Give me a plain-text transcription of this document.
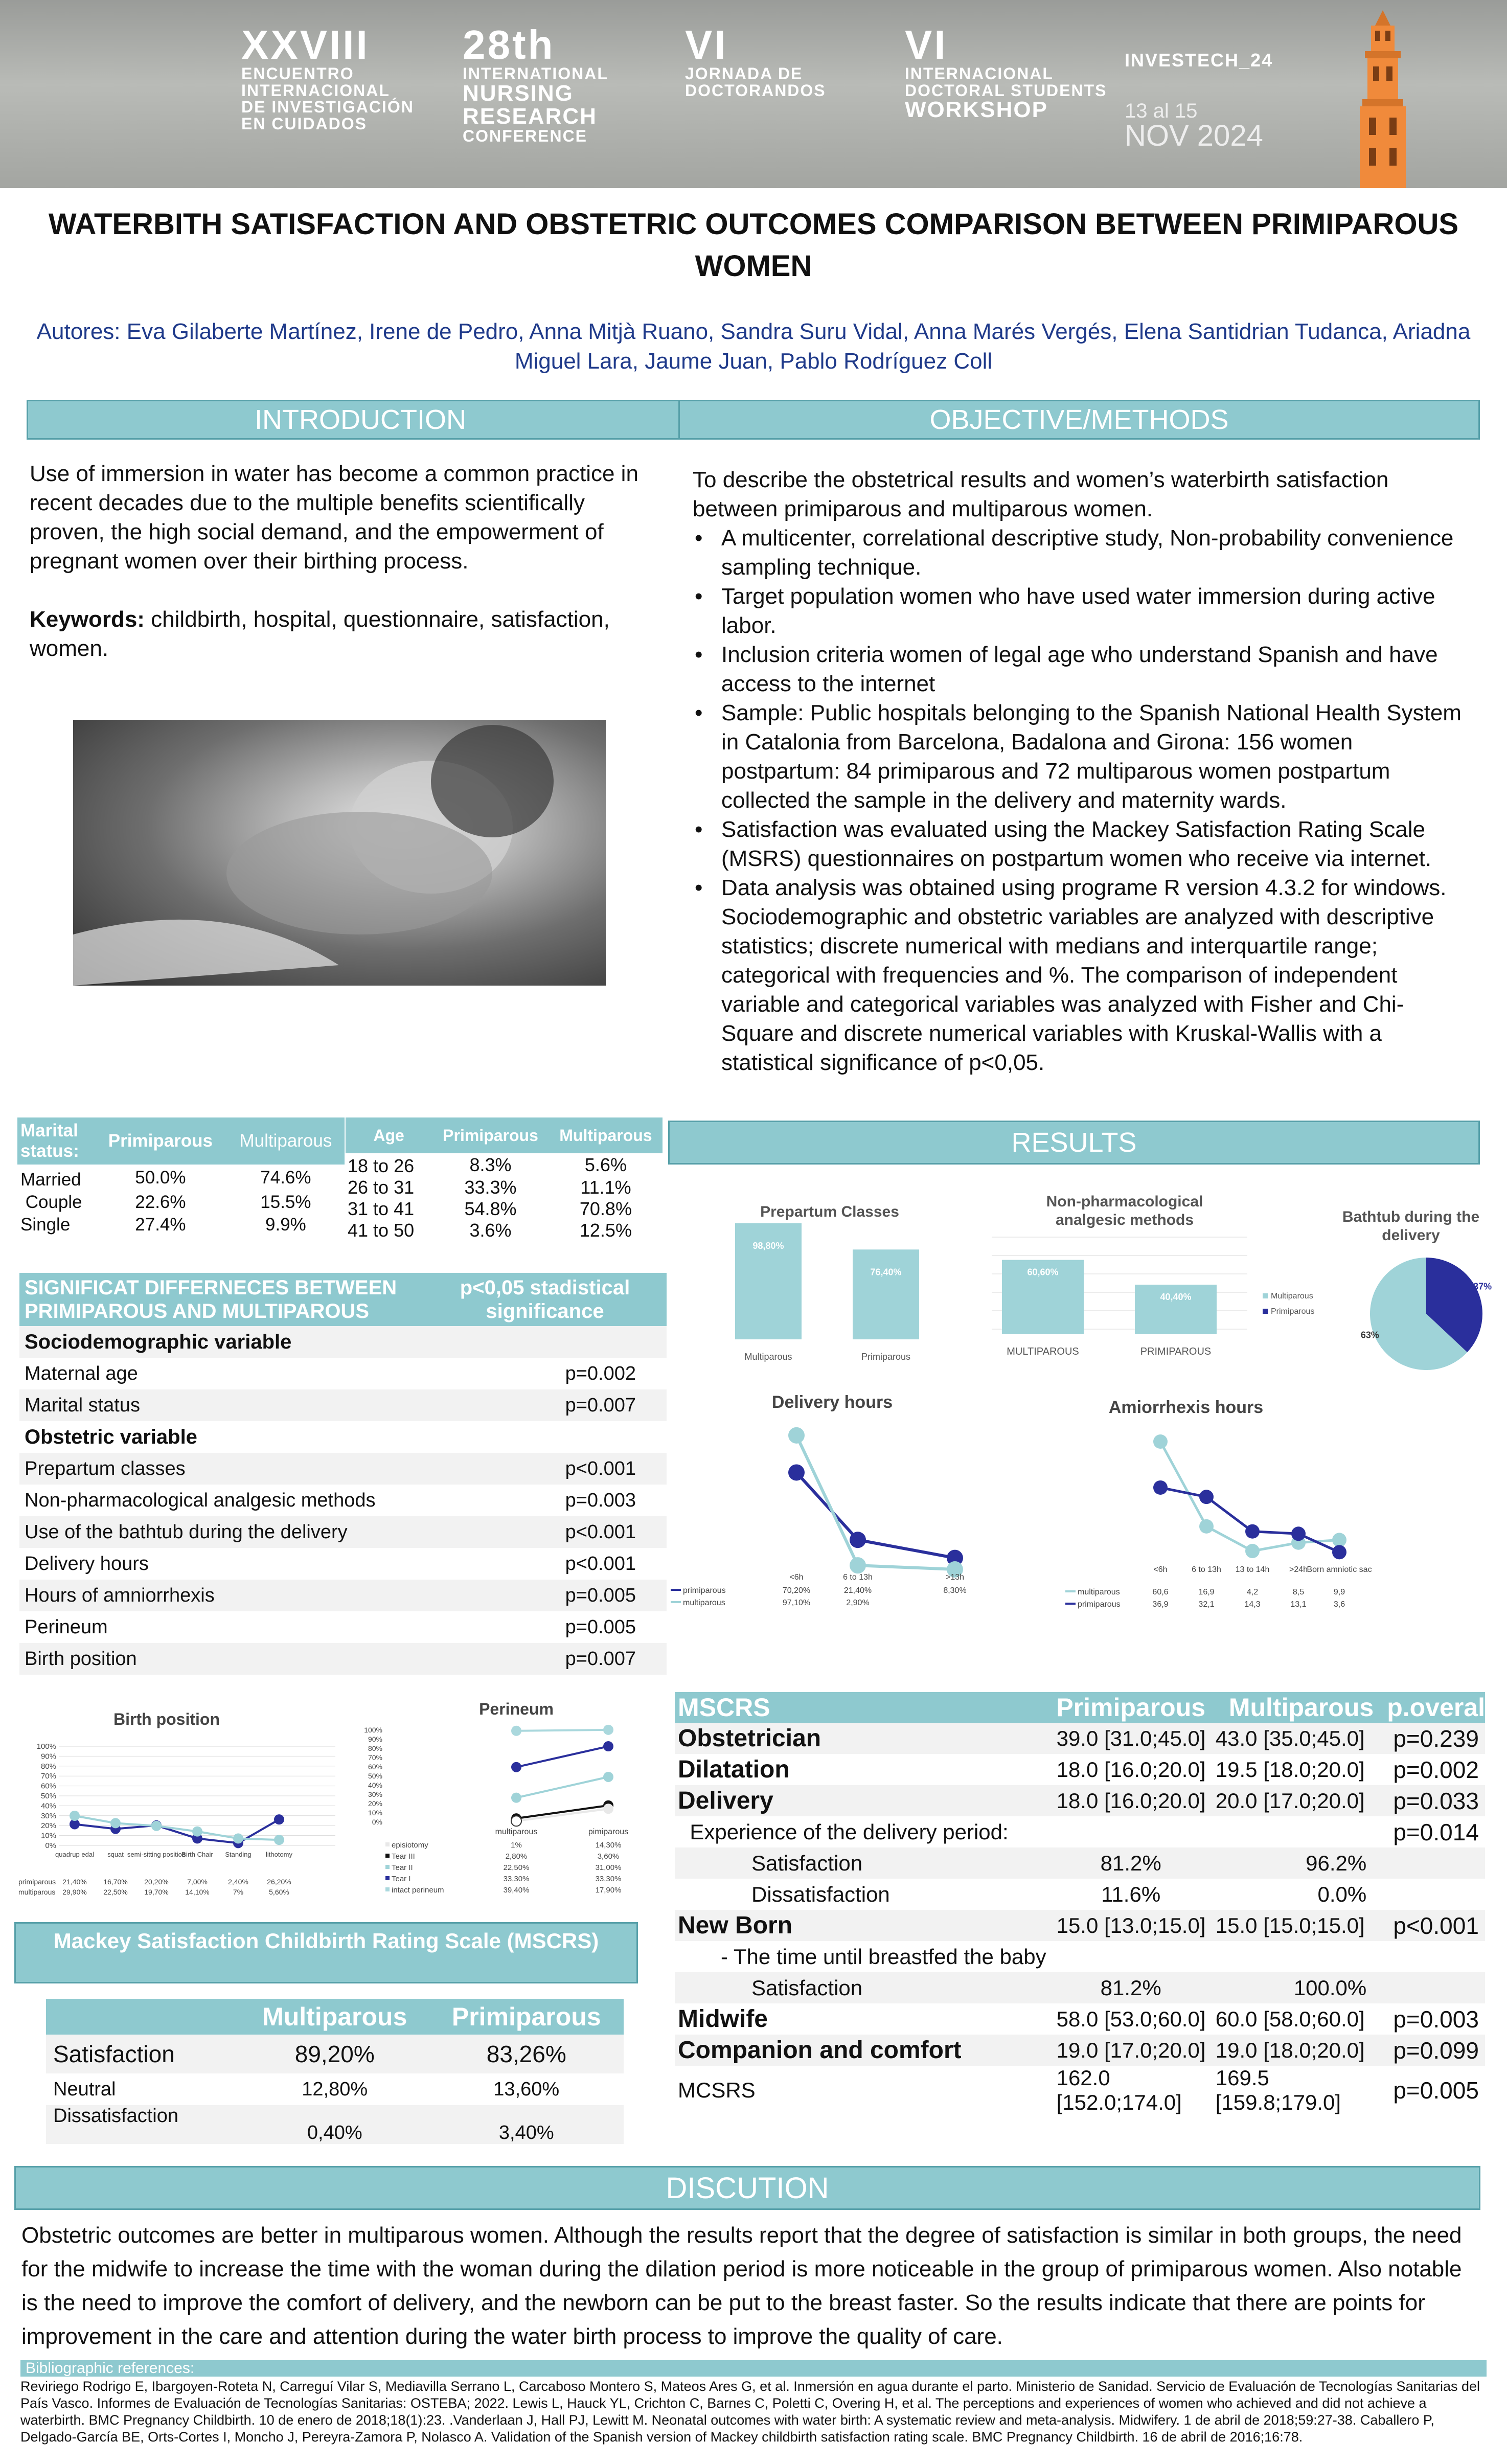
XXVIII
ENCUENTRO
INTERNACIONAL
DE INVESTIGACIÓN
EN CUIDADOS
28th
INTERNATIONAL
NURSING
RESEARCH
CONFERENCE
VI
JORNADA DE
DOCTORANDOS
VI
INTERNACIONAL
DOCTORAL STUDENTS
WORKSHOP
INVESTECH_24
13 al 15
NOV 2024
WATERBITH SATISFACTION AND OBSTETRIC OUTCOMES COMPARISON BETWEEN PRIMIPAROUS WOMEN
Autores: Eva Gilaberte Martínez, Irene de Pedro, Anna Mitjà Ruano, Sandra Suru Vidal, Anna Marés Vergés, Elena Santidrian Tudanca, Ariadna Miguel Lara, Jaume Juan, Pablo Rodríguez Coll
INTRODUCTION
Use of immersion in water has become a common practice in recent decades due to the multiple benefits scientifically proven, the high social demand, and the empowerment of pregnant women over their birthing process.
Keywords: childbirth, hospital, questionnaire, satisfaction, women.
OBJECTIVE/METHODS
To describe the obstetrical results and women’s waterbirth satisfaction between primiparous and multiparous women.
• A multicenter, correlational descriptive study, Non-probability convenience sampling technique.
• Target population women who have used water immersion during active labor.
• Inclusion criteria women of legal age who understand Spanish and have access to the internet
• Sample: Public hospitals belonging to the Spanish National Health System in Catalonia from Barcelona, Badalona and Girona: 156 women postpartum: 84 primiparous and 72 multiparous women postpartum collected the sample in the delivery and maternity wards.
• Satisfaction was evaluated using the Mackey Satisfaction Rating Scale (MSRS) questionnaires on postpartum women who receive via internet.
• Data analysis was obtained using programe R version 4.3.2 for windows. Sociodemographic and obstetric variables are analyzed with descriptive statistics; discrete numerical with medians and interquartile range; categorical with frequencies and %. The comparison of independent variable and categorical variables was analyzed with Fisher and Chi-Square and discrete numerical variables with Kruskal-Wallis with a statistical significance of p<0,05.
Marital status:	Primiparous	Multiparous
Married	50.0%	74.6%
Couple	22.6%	15.5%
Single	27.4%	9.9%
Age	Primiparous	Multiparous
18 to 26	8.3%	5.6%
26 to 31	33.3%	11.1%
31 to 41	54.8%	70.8%
41 to 50	3.6%	12.5%
SIGNIFICAT DIFFERNECES BETWEEN PRIMIPAROUS AND MULTIPAROUS	p<0,05 stadistical significance
Sociodemographic variable	
Maternal age	p=0.002
Marital status	p=0.007
Obstetric variable	
Prepartum classes	p<0.001
Non-pharmacological analgesic methods	p=0.003
Use of the bathtub during the delivery	p<0.001
Delivery hours	p<0.001
Hours of amniorrhexis	p=0.005
Perineum	p=0.005
Birth position	p=0.007
RESULTS
Prepartum Classes
98,80%
Multiparous
76,40%
Primiparous
Non-pharmacological
analgesic methods
60,60%
MULTIPAROUS
40,40%
PRIMIPAROUS
Bathtub during the
delivery
37%
63%
Multiparous
Primiparous
Delivery hours
<6h	6 to 13h	>13h
primiparous	70,20%	21,40%	8,30%
multiparous	97,10%	2,90%
Amiorrhexis hours
<6h	6 to 13h 13 to 14h >24h
Born amniotic sac
multiparous	60,6	16,9	4,2	8,5	9,9
primiparous	36,9	32,1	14,3	13,1	3,6
Birth position
100%
90%
80%
70%
60%
50%
40%
30%
20%
10%
0%
quadrup edal squat semi-sitting position
Birth Chair Standing lithotomy
primiparous 21,40% 16,70% 20,20%	7,00%	2,40%	26,20%
multiparous 29,90% 22,50% 19,70% 14,10%	7%	5,60%
Perineum
100%
90%
80%
70%
60%
50%
40%
30%
20%
10%
0%
multiparous	pimiparous
episiotomy	1%	14,30%
Tear III	2,80%	3,60%
Tear II	22,50%	31,00%
Tear I	33,30%	33,30%
intact perineum	39,40%	17,90%
Mackey Satisfaction Childbirth Rating Scale (MSCRS)
	Multiparous	Primiparous
Satisfaction	89,20%	83,26%
Neutral	12,80%	13,60%
Dissatisfaction	0,40%	3,40%
MSCRS	Primiparous	Multiparous	p.overal
Obstetrician	39.0 [31.0;45.0]	43.0 [35.0;45.0]	p=0.239
Dilatation	18.0 [16.0;20.0]	19.5 [18.0;20.0]	p=0.002
Delivery	18.0 [16.0;20.0]	20.0 [17.0;20.0]	p=0.033
Experience of the delivery period:			p=0.014
Satisfaction	81.2%	96.2%	
Dissatisfaction	11.6%	0.0%	
New Born	15.0 [13.0;15.0]	15.0 [15.0;15.0]	p<0.001
- The time until breastfed the baby			
Satisfaction	81.2%	100.0%	
Midwife	58.0 [53.0;60.0]	60.0 [58.0;60.0]	p=0.003
Companion and comfort	19.0 [17.0;20.0]	19.0 [18.0;20.0]	p=0.099
MCSRS	162.0 [152.0;174.0]	169.5 [159.8;179.0]	p=0.005
DISCUTION
Obstetric outcomes are better in multiparous women. Although the results report that the degree of satisfaction is similar in both groups, the need for the midwife to increase the time with the woman during the dilation period is more noticeable in the group of primiparous women. Also notable is the need to improve the comfort of delivery, and the newborn can be put to the breast faster. So the results indicate that there are points for improvement in the care and attention during the water birth process to improve the quality of care.
Bibliographic references:
Reviriego Rodrigo E, Ibargoyen-Roteta N, Carreguí Vilar S, Mediavilla Serrano L, Carcaboso Montero S, Mateos Ares G, et al. Inmersión en agua durante el parto. Ministerio de Sanidad. Servicio de Evaluación de Tecnologías Sanitarias del País Vasco. Informes de Evaluación de Tecnologías Sanitarias: OSTEBA; 2022. Lewis L, Hauck YL, Crichton C, Barnes C, Poletti C, Overing H, et al. The perceptions and experiences of women who achieved and did not achieve a waterbirth. BMC Pregnancy Childbirth. 10 de enero de 2018;18(1):23. .Vanderlaan J, Hall PJ, Lewitt M. Neonatal outcomes with water birth: A systematic review and meta-analysis. Midwifery. 1 de abril de 2018;59:27-38. Caballero P, Delgado-García BE, Orts-Cortes I, Moncho J, Pereyra-Zamora P, Nolasco A. Validation of the Spanish version of Mackey childbirth satisfaction rating scale. BMC Pregnancy Childbirth. 16 de abril de 2016;16:78.
